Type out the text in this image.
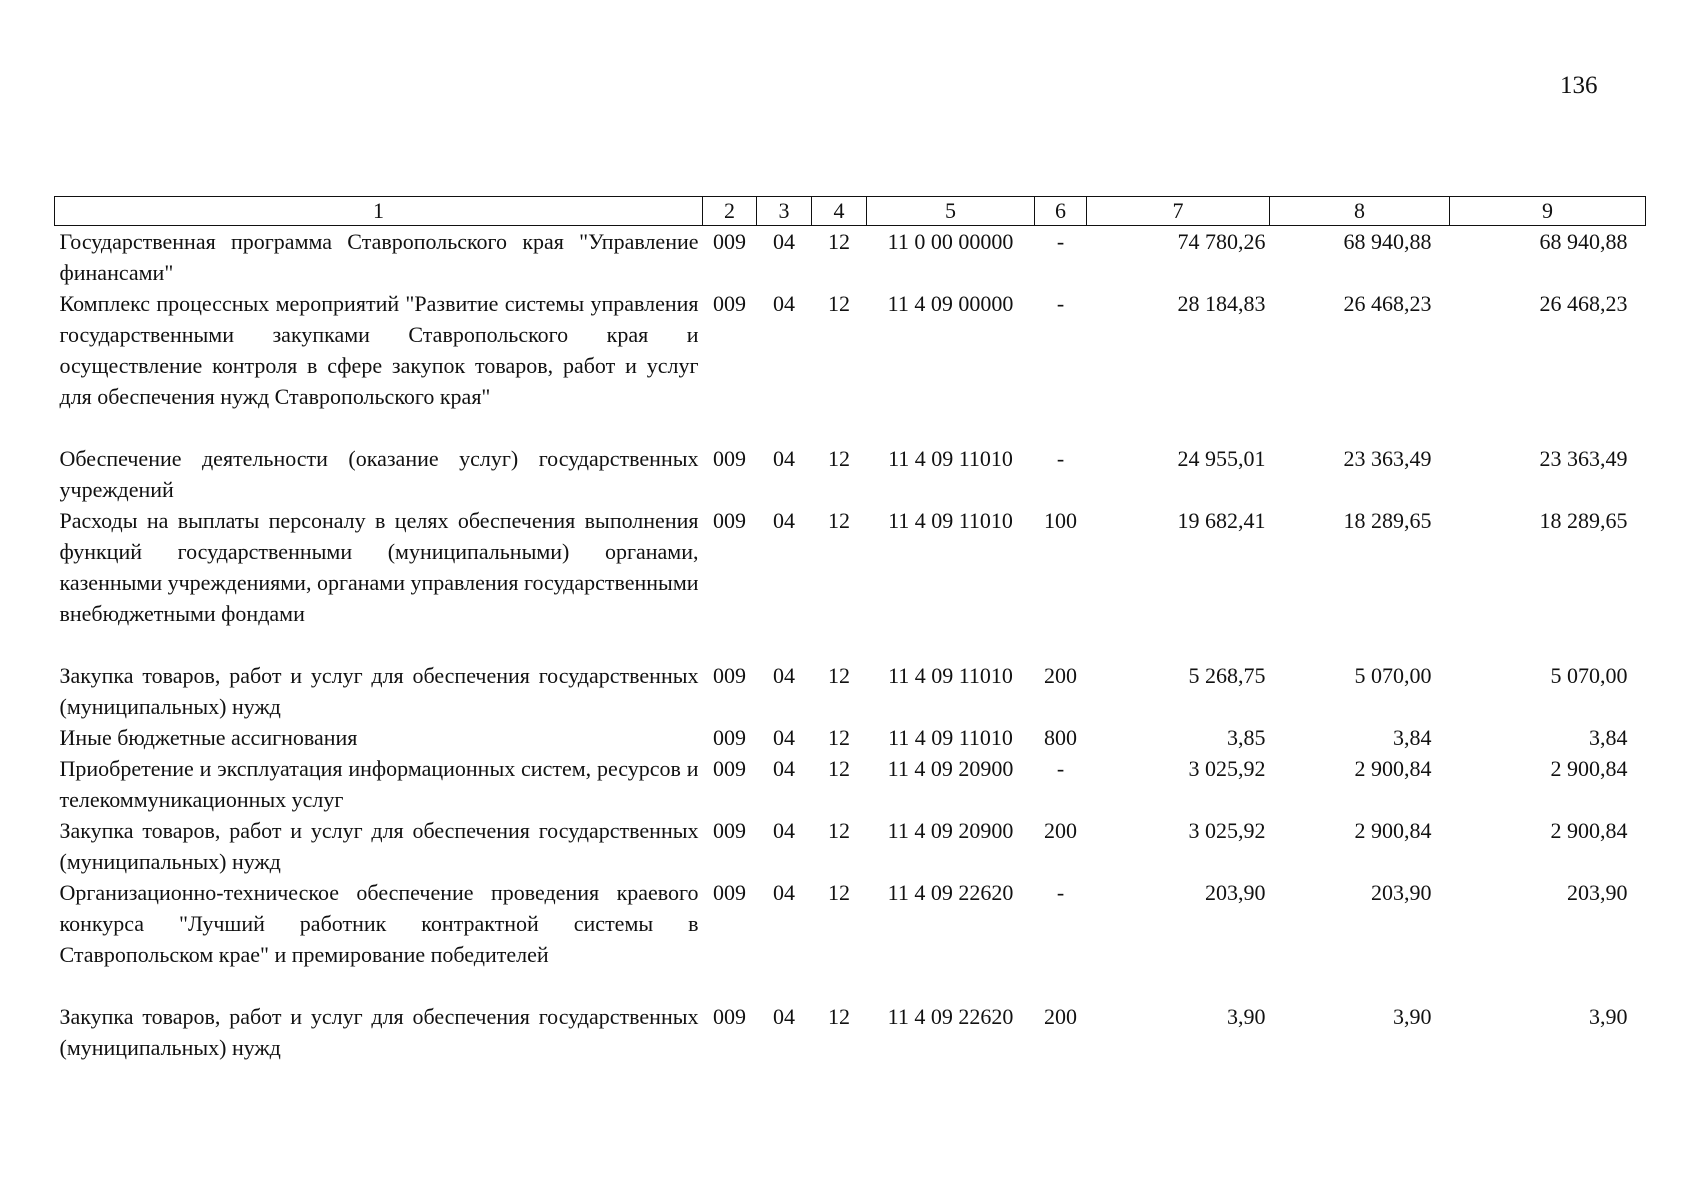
136
1	2	3	4	5	6	7	8	9
Государственная программа Ставропольского края "Управление финансами"	009	04	12	11 0 00 00000	-	74 780,26	68 940,88	68 940,88
Комплекс процессных мероприятий "Развитие системы управления государственными закупками Ставропольского края и осуществление контроля в сфере закупок товаров, работ и услуг для обеспечения нужд Ставропольского края"	009	04	12	11 4 09 00000	-	28 184,83	26 468,23	26 468,23
Обеспечение деятельности (оказание услуг) государственных учреждений	009	04	12	11 4 09 11010	-	24 955,01	23 363,49	23 363,49
Расходы на выплаты персоналу в целях обеспечения выполнения функций государственными (муниципальными) органами, казенными учреждениями, органами управления государственными внебюджетными фондами	009	04	12	11 4 09 11010	100	19 682,41	18 289,65	18 289,65
Закупка товаров, работ и услуг для обеспечения государственных (муниципальных) нужд	009	04	12	11 4 09 11010	200	5 268,75	5 070,00	5 070,00
Иные бюджетные ассигнования	009	04	12	11 4 09 11010	800	3,85	3,84	3,84
Приобретение и эксплуатация информационных систем, ресурсов и телекоммуникационных услуг	009	04	12	11 4 09 20900	-	3 025,92	2 900,84	2 900,84
Закупка товаров, работ и услуг для обеспечения государственных (муниципальных) нужд	009	04	12	11 4 09 20900	200	3 025,92	2 900,84	2 900,84
Организационно-техническое обеспечение проведения краевого конкурса "Лучший работник контрактной системы в Ставропольском крае" и премирование победителей	009	04	12	11 4 09 22620	-	203,90	203,90	203,90
Закупка товаров, работ и услуг для обеспечения государственных (муниципальных) нужд	009	04	12	11 4 09 22620	200	3,90	3,90	3,90
